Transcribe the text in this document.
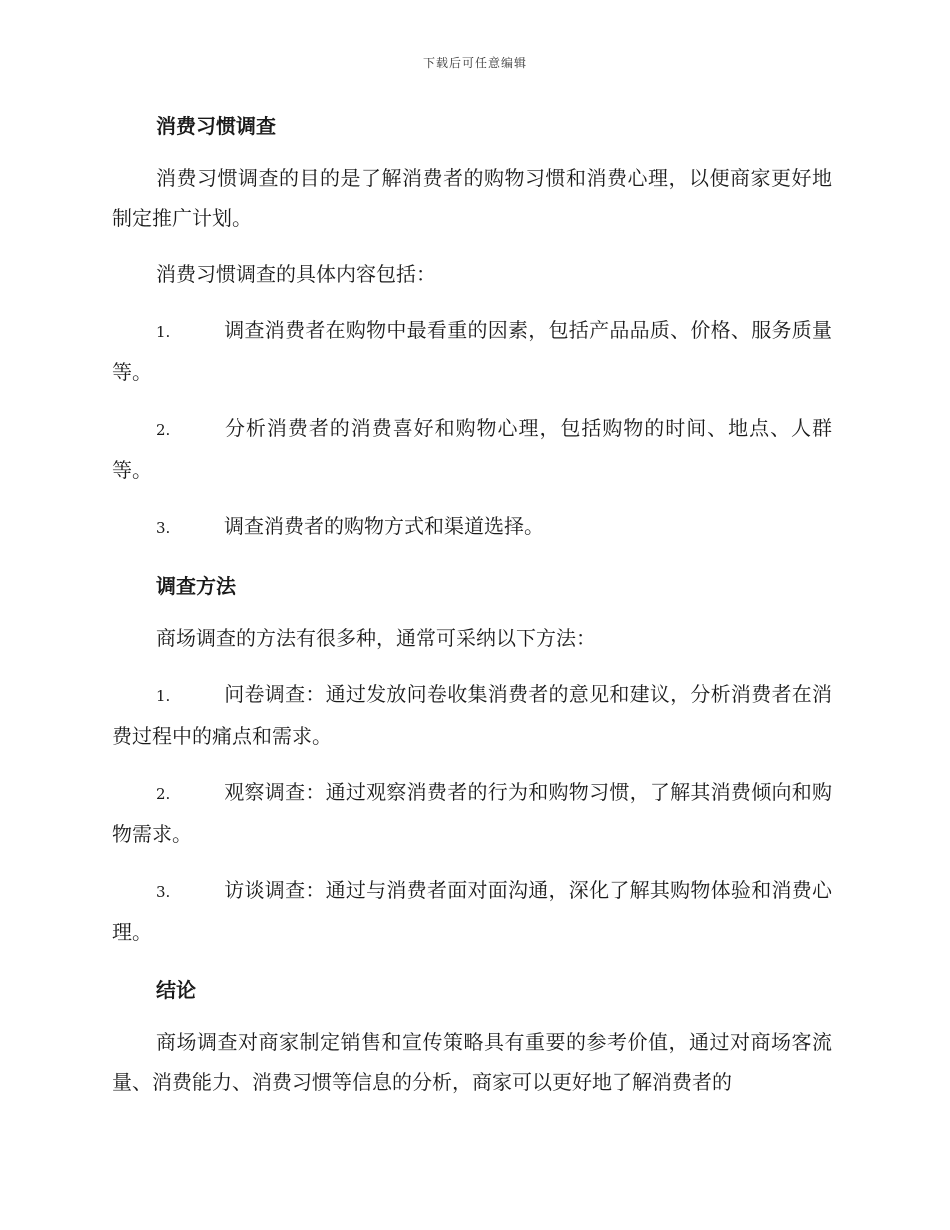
下载后可任意编辑
消费习惯调查

消费习惯调查的目的是了解消费者的购物习惯和消费心理，以便商家更好地制定推广计划。

消费习惯调查的具体内容包括：

1.	调查消费者在购物中最看重的因素，包括产品品质、价格、服务质量等。

2.	分析消费者的消费喜好和购物心理，包括购物的时间、地点、人群等。

3.	调查消费者的购物方式和渠道选择。

调查方法

商场调查的方法有很多种，通常可采纳以下方法：

1.	问卷调查：通过发放问卷收集消费者的意见和建议，分析消费者在消费过程中的痛点和需求。

2.	观察调查：通过观察消费者的行为和购物习惯，了解其消费倾向和购物需求。

3.	访谈调查：通过与消费者面对面沟通，深化了解其购物体验和消费心理。

结论

商场调查对商家制定销售和宣传策略具有重要的参考价值，通过对商场客流量、消费能力、消费习惯等信息的分析，商家可以更好地了解消费者的
